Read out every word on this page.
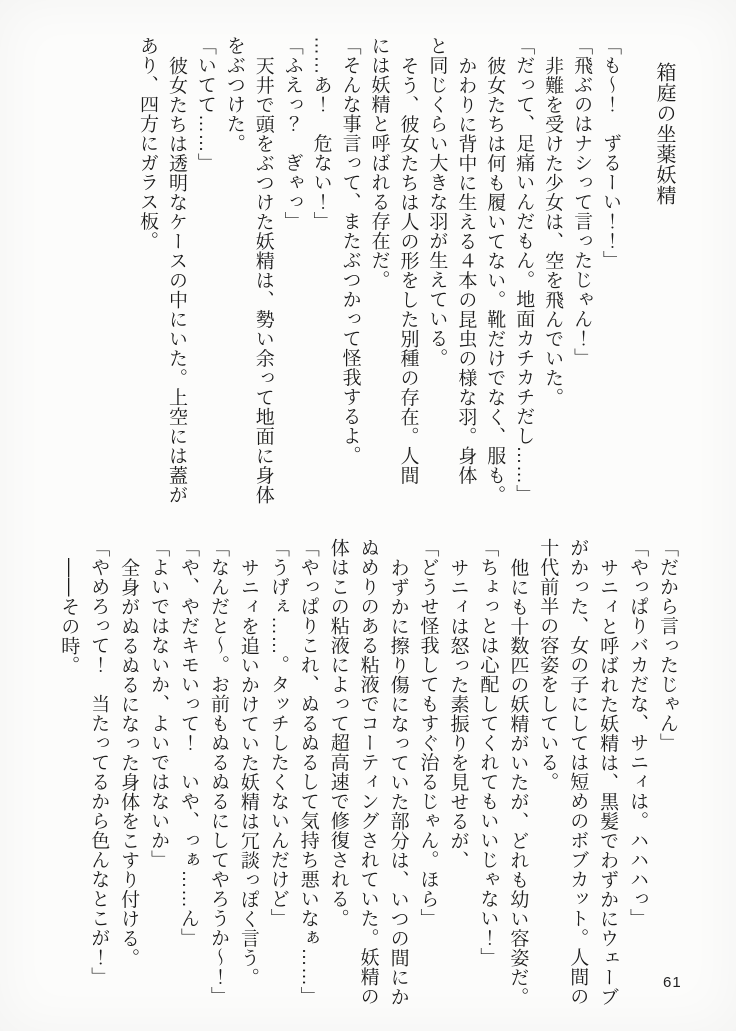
箱庭の坐薬妖精

「も〜！　ずるーい！！」

「飛ぶのはナシって言ったじゃん！」

非難を受けた少女は、空を飛んでいた。

「だって、足痛いんだもん。地面カチカチだし……」

彼女たちは何も履いてない。靴だけでなく、服も。

かわりに背中に生える４本の昆虫の様な羽。身体

と同じくらい大きな羽が生えている。

そう、彼女たちは人の形をした別種の存在。人間

には妖精と呼ばれる存在だ。

「そんな事言って、またぶつかって怪我するよ。

……あ！　危ない！」

「ふえっ？　ぎゃっ」

天井で頭をぶつけた妖精は、勢い余って地面に身体

をぶつけた。

「いてて……」

彼女たちは透明なケースの中にいた。上空には蓋が

あり、四方にガラス板。

「だから言ったじゃん」

「やっぱりバカだな、サニィは。ハハハっ」

サニィと呼ばれた妖精は、黒髪でわずかにウェーブ

がかった、女の子にしては短めのボブカット。人間の

十代前半の容姿をしている。

他にも十数匹の妖精がいたが、どれも幼い容姿だ。

「ちょっとは心配してくれてもいいじゃない！」

サニィは怒った素振りを見せるが、

「どうせ怪我してもすぐ治るじゃん。ほら」

わずかに擦り傷になっていた部分は、いつの間にか

ぬめりのある粘液でコーティングされていた。妖精の

体はこの粘液によって超高速で修復される。

「やっぱりこれ、ぬるぬるして気持ち悪いなぁ……」

「うげぇ……。タッチしたくないんだけど」

サニィを追いかけていた妖精は冗談っぽく言う。

「なんだと〜。お前もぬるぬるにしてやろうか〜！」

「や、やだキモいって！　いや、っぁ……ん」

「よいではないか、よいではないか」

全身がぬるぬるになった身体をこすり付ける。

「やめろって！　当たってるから色んなとこが！」

――その時。

61
